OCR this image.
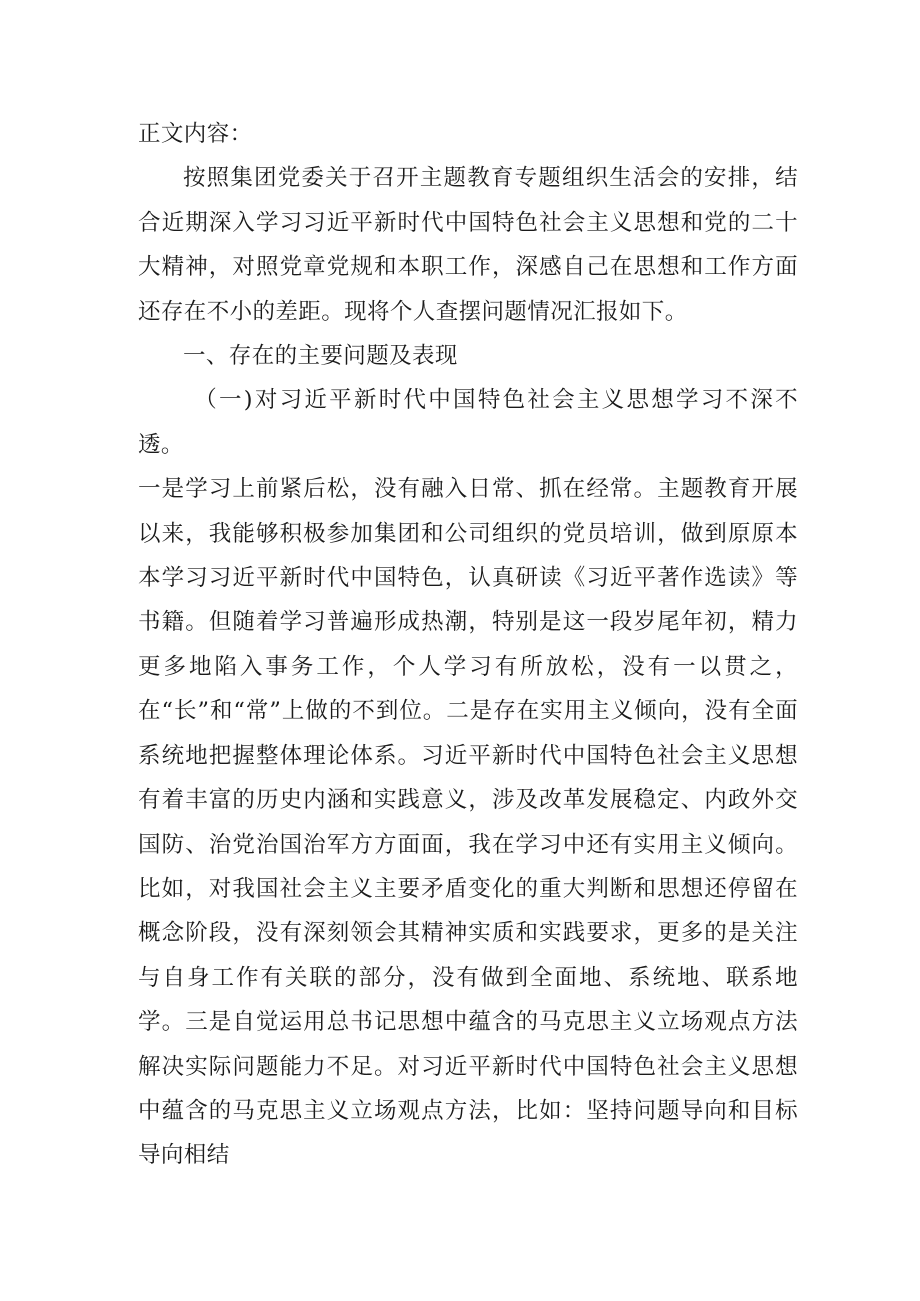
正文内容：

按照集团党委关于召开主题教育专题组织生活会的安排，结合近期深入学习习近平新时代中国特色社会主义思想和党的二十大精神，对照党章党规和本职工作，深感自己在思想和工作方面还存在不小的差距。现将个人查摆问题情况汇报如下。

一、存在的主要问题及表现

（一)对习近平新时代中国特色社会主义思想学习不深不透。

一是学习上前紧后松，没有融入日常、抓在经常。主题教育开展以来，我能够积极参加集团和公司组织的党员培训，做到原原本本学习习近平新时代中国特色，认真研读《习近平著作选读》等书籍。但随着学习普遍形成热潮，特别是这一段岁尾年初，精力更多地陷入事务工作，个人学习有所放松，没有一以贯之，在“长”和“常”上做的不到位。二是存在实用主义倾向，没有全面系统地把握整体理论体系。习近平新时代中国特色社会主义思想有着丰富的历史内涵和实践意义，涉及改革发展稳定、内政外交国防、治党治国治军方方面面，我在学习中还有实用主义倾向。比如，对我国社会主义主要矛盾变化的重大判断和思想还停留在概念阶段，没有深刻领会其精神实质和实践要求，更多的是关注与自身工作有关联的部分，没有做到全面地、系统地、联系地学。三是自觉运用总书记思想中蕴含的马克思主义立场观点方法解决实际问题能力不足。对习近平新时代中国特色社会主义思想中蕴含的马克思主义立场观点方法，比如：坚持问题导向和目标导向相结
